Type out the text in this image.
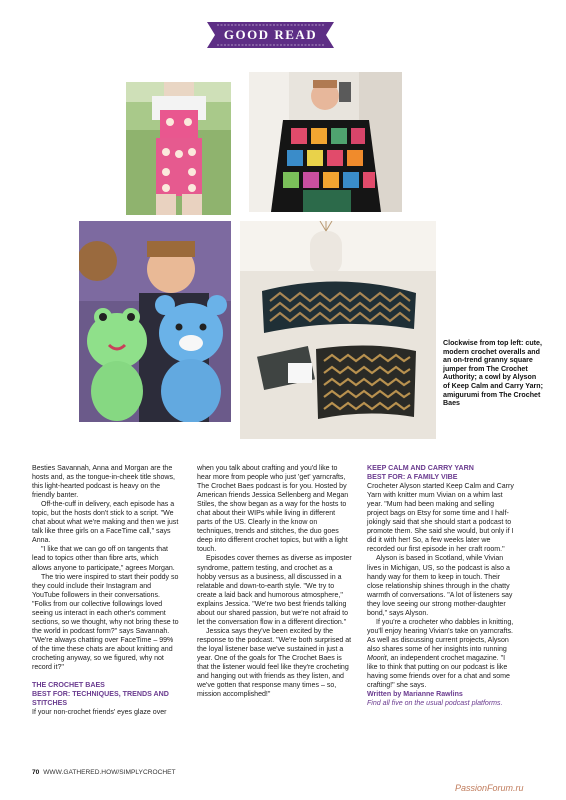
GOOD READ
Clockwise from top left: cute, modern crochet overalls and an on-trend granny square jumper from The Crochet Authority; a cowl by Alyson of Keep Calm and Carry Yarn; amigurumi from The Crochet Baes

Besties Savannah, Anna and Morgan are the hosts and, as the tongue-in-cheek title shows, this light-hearted podcast is heavy on the friendly banter.

Off-the-cuff in delivery, each episode has a topic, but the hosts don't stick to a script. "We chat about what we're making and then we just talk like three girls on a FaceTime call," says Anna.

"I like that we can go off on tangents that lead to topics other than fibre arts, which allows anyone to participate," agrees Morgan.

The trio were inspired to start their poddy so they could include their Instagram and YouTube followers in their conversations. "Folks from our collective followings loved seeing us interact in each other's comment sections, so we thought, why not bring these to the world in podcast form?" says Savannah. "We're always chatting over FaceTime – 99% of the time these chats are about knitting and crocheting anyway, so we figured, why not record it?"

THE CROCHET BAES
BEST FOR: TECHNIQUES, TRENDS AND STITCHES

If your non-crochet friends' eyes glaze over

when you talk about crafting and you'd like to hear more from people who just 'get' yarncrafts, The Crochet Baes podcast is for you. Hosted by American friends Jessica Sellenberg and Megan Stiles, the show began as a way for the hosts to chat about their WIPs while living in different parts of the US. Clearly in the know on techniques, trends and stitches, the duo goes deep into different crochet topics, but with a light touch.

Episodes cover themes as diverse as imposter syndrome, pattern testing, and crochet as a hobby versus as a business, all discussed in a relatable and down-to-earth style. "We try to create a laid back and humorous atmosphere," explains Jessica. "We're two best friends talking about our shared passion, but we're not afraid to let the conversation flow in a different direction."

Jessica says they've been excited by the response to the podcast. "We're both surprised at the loyal listener base we've sustained in just a year. One of the goals for The Crochet Baes is that the listener would feel like they're crocheting and hanging out with friends as they listen, and we've gotten that response many times – so, mission accomplished!"

KEEP CALM AND CARRY YARN
BEST FOR: A FAMILY VIBE

Crocheter Alyson started Keep Calm and Carry Yarn with knitter mum Vivian on a whim last year. "Mum had been making and selling project bags on Etsy for some time and I half-jokingly said that she should start a podcast to promote them. She said she would, but only if I did it with her! So, a few weeks later we recorded our first episode in her craft room."

Alyson is based in Scotland, while Vivian lives in Michigan, US, so the podcast is also a handy way for them to keep in touch. Their close relationship shines through in the chatty warmth of conversations. "A lot of listeners say they love seeing our strong mother-daughter bond," says Alyson.

If you're a crocheter who dabbles in knitting, you'll enjoy hearing Vivian's take on yarncrafts. As well as discussing current projects, Alyson also shares some of her insights into running Moorit, an independent crochet magazine. "I like to think that putting on our podcast is like having some friends over for a chat and some crafting!" she says.

Written by Marianne Rawlins

Find all five on the usual podcast platforms.

70 WWW.GATHERED.HOW/SIMPLYCROCHET
PassionForum.ru
